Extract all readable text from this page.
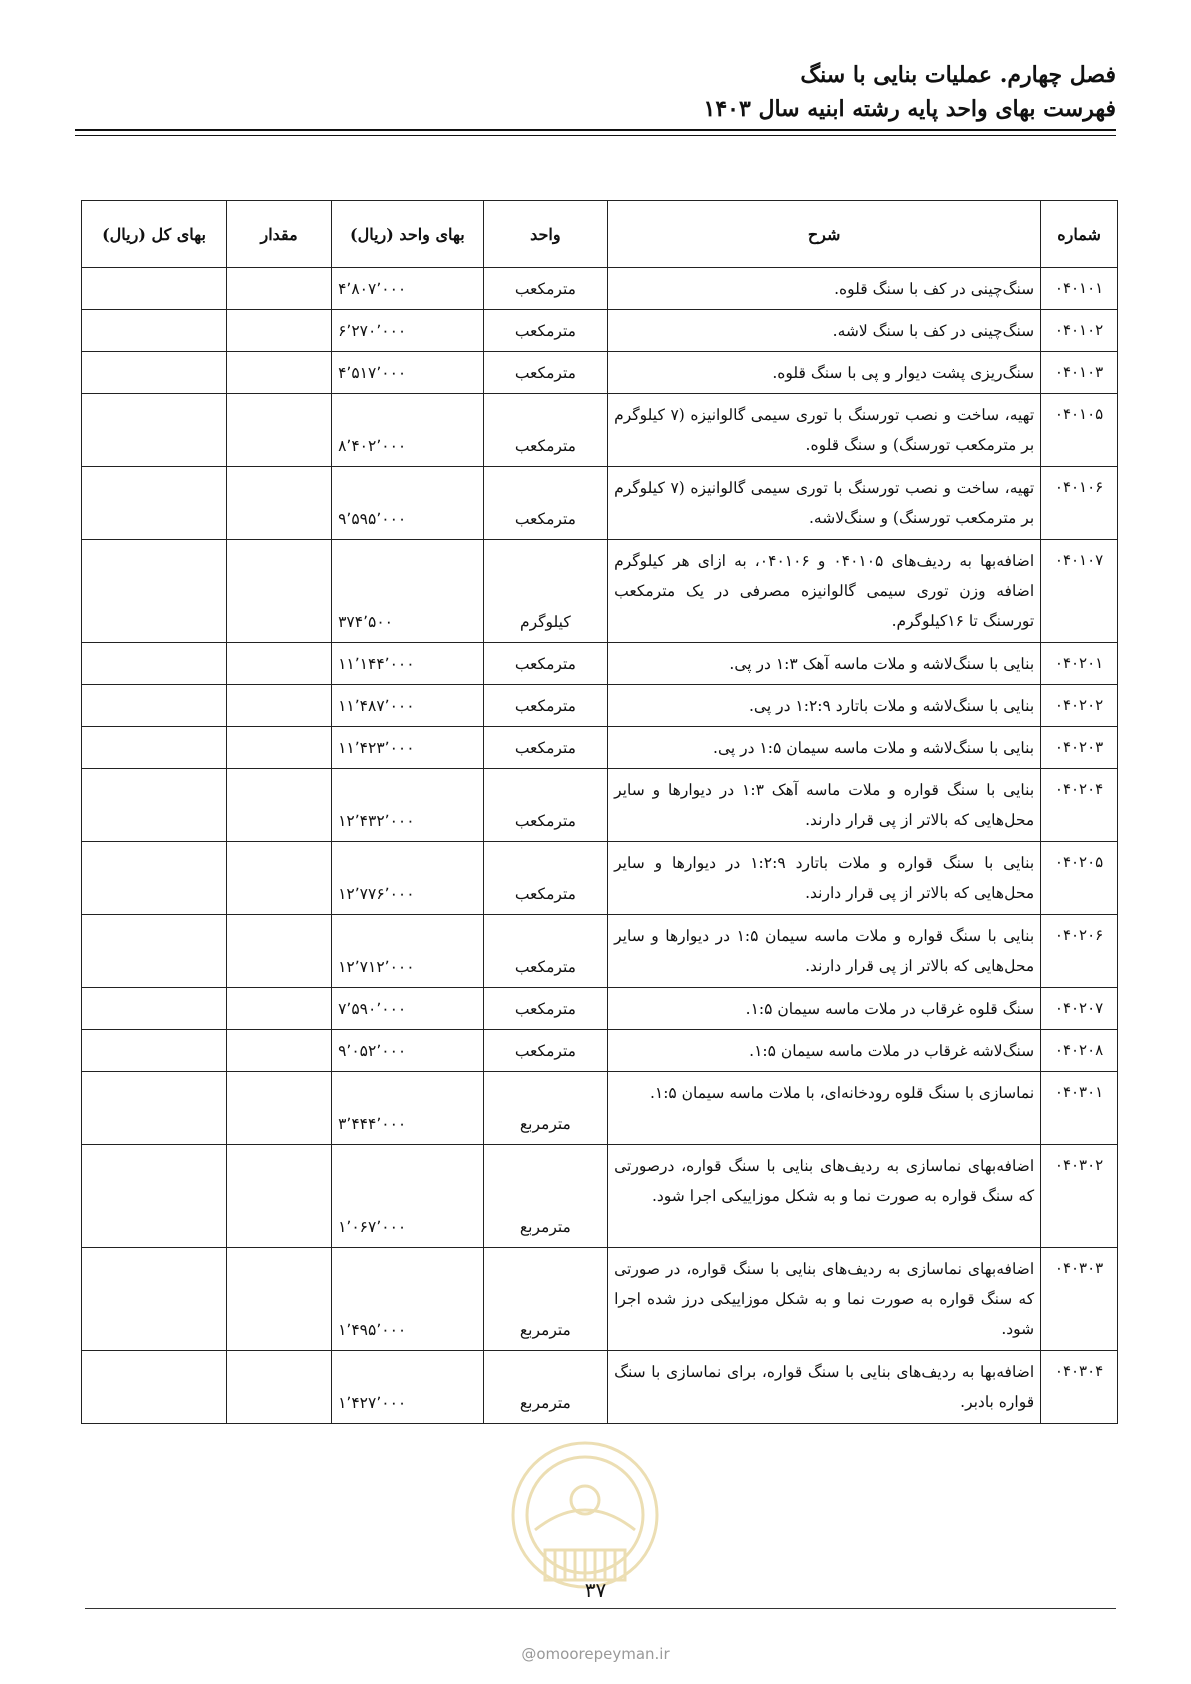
فصل چهارم. عملیات بنایی با سنگ
فهرست بهای واحد پایه رشته ابنیه سال ۱۴۰۳
شماره	شرح	واحد	بهای واحد (ریال)	مقدار	بهای کل (ریال)
۰۴۰۱۰۱	سنگ‌چینی در کف با سنگ قلوه.	مترمکعب	۴٬۸۰۷٬۰۰۰		
۰۴۰۱۰۲	سنگ‌چینی در کف با سنگ لاشه.	مترمکعب	۶٬۲۷۰٬۰۰۰		
۰۴۰۱۰۳	سنگ‌ریزی پشت دیوار و پی با سنگ قلوه.	مترمکعب	۴٬۵۱۷٬۰۰۰		
۰۴۰۱۰۵	تهیه، ساخت و نصب تورسنگ با توری سیمی گالوانیزه (۷ کیلوگرم بر مترمکعب تورسنگ) و سنگ قلوه.	مترمکعب	۸٬۴۰۲٬۰۰۰		
۰۴۰۱۰۶	تهیه، ساخت و نصب تورسنگ با توری سیمی گالوانیزه (۷ کیلوگرم بر مترمکعب تورسنگ) و سنگ‌لاشه.	مترمکعب	۹٬۵۹۵٬۰۰۰		
۰۴۰۱۰۷	اضافه‌بها به ردیف‌های ۰۴۰۱۰۵ و ۰۴۰۱۰۶، به ازای هر کیلوگرم اضافه وزن توری سیمی گالوانیزه مصرفی در یک مترمکعب تورسنگ تا ۱۶کیلوگرم.	کیلوگرم	۳۷۴٬۵۰۰		
۰۴۰۲۰۱	بنایی با سنگ‌لاشه و ملات ماسه آهک ۱:۳ در پی.	مترمکعب	۱۱٬۱۴۴٬۰۰۰		
۰۴۰۲۰۲	بنایی با سنگ‌لاشه و ملات باتارد ۱:۲:۹ در پی.	مترمکعب	۱۱٬۴۸۷٬۰۰۰		
۰۴۰۲۰۳	بنایی با سنگ‌لاشه و ملات ماسه سیمان ۱:۵ در پی.	مترمکعب	۱۱٬۴۲۳٬۰۰۰		
۰۴۰۲۰۴	بنایی با سنگ قواره و ملات ماسه آهک ۱:۳ در دیوارها و سایر محل‌هایی که بالاتر از پی قرار دارند.	مترمکعب	۱۲٬۴۳۲٬۰۰۰		
۰۴۰۲۰۵	بنایی با سنگ قواره و ملات باتارد ۱:۲:۹ در دیوارها و سایر محل‌هایی که بالاتر از پی قرار دارند.	مترمکعب	۱۲٬۷۷۶٬۰۰۰		
۰۴۰۲۰۶	بنایی با سنگ قواره و ملات ماسه سیمان ۱:۵ در دیوارها و سایر محل‌هایی که بالاتر از پی قرار دارند.	مترمکعب	۱۲٬۷۱۲٬۰۰۰		
۰۴۰۲۰۷	سنگ قلوه غرقاب در ملات ماسه سیمان ۱:۵.	مترمکعب	۷٬۵۹۰٬۰۰۰		
۰۴۰۲۰۸	سنگ‌لاشه غرقاب در ملات ماسه سیمان ۱:۵.	مترمکعب	۹٬۰۵۲٬۰۰۰		
۰۴۰۳۰۱	نماسازی با سنگ قلوه رودخانه‌ای، با ملات ماسه سیمان ۱:۵.	مترمربع	۳٬۴۴۴٬۰۰۰		
۰۴۰۳۰۲	اضافه‌بهای نماسازی به ردیف‌های بنایی با سنگ قواره، درصورتی که سنگ قواره به صورت نما و به شکل موزاییکی اجرا شود.	مترمربع	۱٬۰۶۷٬۰۰۰		
۰۴۰۳۰۳	اضافه‌بهای نماسازی به ردیف‌های بنایی با سنگ قواره، در صورتی که سنگ قواره به صورت نما و به شکل موزاییکی درز شده اجرا شود.	مترمربع	۱٬۴۹۵٬۰۰۰		
۰۴۰۳۰۴	اضافه‌بها به ردیف‌های بنایی با سنگ قواره، برای نماسازی با سنگ قواره بادبر.	مترمربع	۱٬۴۲۷٬۰۰۰		
۳۷
@omoorepeyman.ir
